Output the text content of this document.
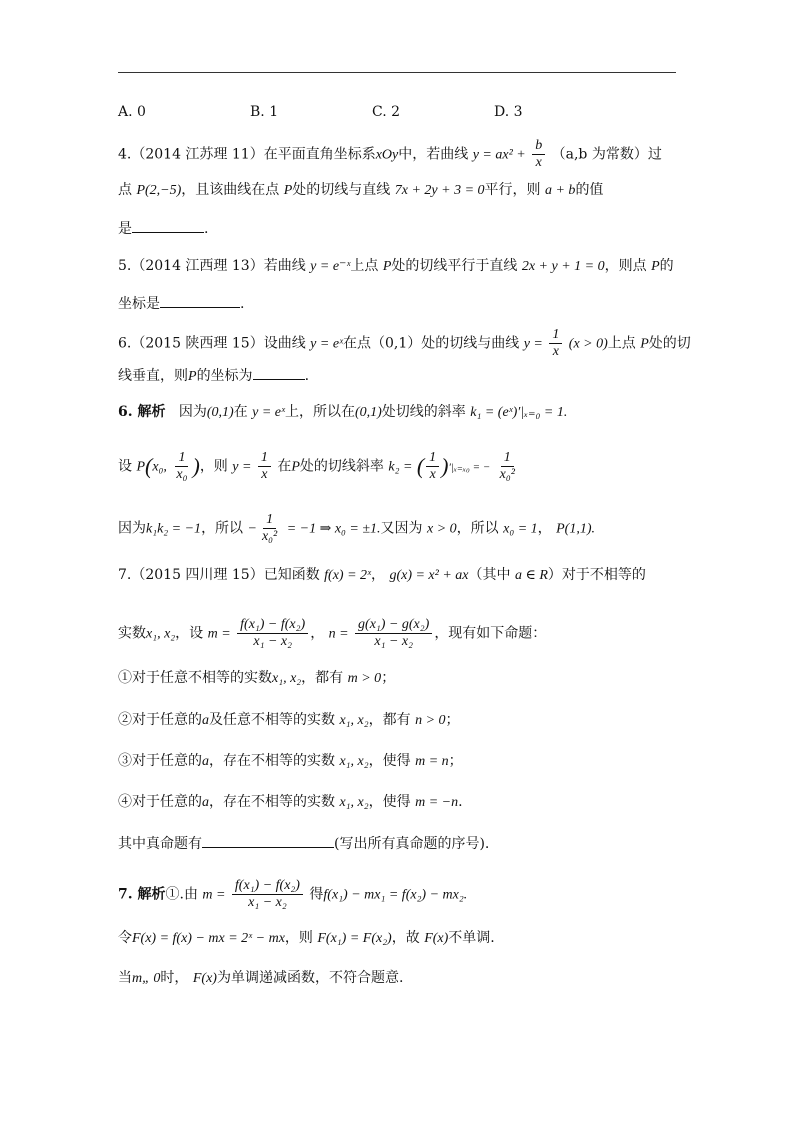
A. 0	B. 1	C. 2	D. 3
4.（2014 江苏理 11）在平面直角坐标系xOy中，若曲线 $y = ax^2 + \frac{b}{x} (a,b$ 为常数）过
点 P(2,−5)，且该曲线在点 P处的切线与直线 7x + 2y + 3 = 0平行，则 a + b的值
是	.
5.（2014 江西理 13）若曲线 y = e⁻ˣ上点 P处的切线平行于直线 2x + y + 1 = 0，则点 P的
坐标是	.
6.（2015 陕西理 15）设曲线 y = eˣ在点（0,1）处的切线与曲线 $y = \frac{1}{x} (x > 0)$上点 P处的切
线垂直，则P的坐标为	.
6. 解析 因为(0,1)在 y = eˣ上，所以在(0,1)处切线的斜率 k₁ = (eˣ)′|ₓ₌₀ = 1.
设 P(x₀, $\frac{1}{\text{x₀}}$ )，则 $y = \frac{1}{x}$ 在P处的切线斜率 k₂ = ( $\frac{1}{x} )'|_{x=x0}$ = − $\frac{1}{\text{x₀²}}$
因为k₁k₂ = −1，所以 − $\frac{1}{\text{x₀²}} = -1$ ⇒ x₀ = ±1.又因为 x > 0，所以 x₀ = 1， P(1,1).
7.（2015 四川理 15）已知函数 f(x) = 2ˣ， g(x) = x² + ax（其中 a ∈ R）对于不相等的
实数x₁, x₂，设 $m = \frac{\text{f(x₁) − f(x₂)}}{\text{x₁ − x₂}}$ ， $n = \frac{\text{g(x₁) − g(x₂)}}{\text{x₁ − x₂}}$ ，现有如下命题：
①对于任意不相等的实数x₁, x₂，都有 m > 0；
②对于任意的a及任意不相等的实数 x₁, x₂，都有 n > 0；
③对于任意的a，存在不相等的实数 x₁, x₂，使得 m = n；
④对于任意的a，存在不相等的实数 x₁, x₂，使得 m = −n.
其中真命题有	(写出所有真命题的序号).
7. 解析①.由 $m = \frac{\text{f(x₁) − f(x₂)}}{\text{x₁ − x₂}}$ 得f(x₁) − mx₁ = f(x₂) − mx₂.
令F(x) = f(x) − mx = 2ˣ − mx，则 F(x₁) = F(x₂)，故 F(x)不单调.
当m„ 0时， F(x)为单调递减函数，不符合题意.
